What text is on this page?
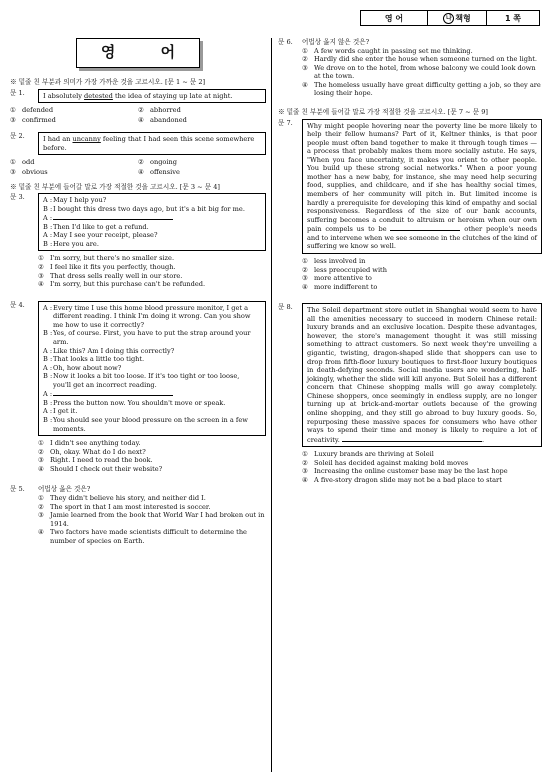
영 어	나 책형	1 쪽
영 어
※ 밑줄 친 부분과 의미가 가장 가까운 것을 고르시오. [문 1 ~ 문 2]
문 1.	I absolutely detested the idea of staying up late at night.
① defended	② abhorred
③ confirmed	④ abandoned
문 2.	I had an uncanny feeling that I had seen this scene somewhere before.
① odd	② ongoing
③ obvious	④ offensive
※ 밑줄 친 부분에 들어갈 말로 가장 적절한 것을 고르시오. [문 3 ~ 문 4]
문 3.	A :May I help you?
B :I bought this dress two days ago, but it's a bit big for me.
A :
B :Then I'd like to get a refund.
A :May I see your receipt, please?
B :Here you are.
① I'm sorry, but there's no smaller size.
② I feel like it fits you perfectly, though.
③ That dress sells really well in our store.
④ I'm sorry, but this purchase can't be refunded.
문 4.	A :Every time I use this home blood pressure monitor, I get a different reading. I think I'm doing it wrong. Can you show me how to use it correctly?
B :Yes, of course. First, you have to put the strap around your arm.
A :Like this? Am I doing this correctly?
B :That looks a little too tight.
A :Oh, how about now?
B :Now it looks a bit too loose. If it's too tight or too loose, you'll get an incorrect reading.
A :
B :Press the button now. You shouldn't move or speak.
A :I get it.
B :You should see your blood pressure on the screen in a few moments.
① I didn't see anything today.
② Oh, okay. What do I do next?
③ Right. I need to read the book.
④ Should I check out their website?
문 5.	어법상 옳은 것은?
① They didn't believe his story, and neither did I.
② The sport in that I am most interested is soccer.
③ Jamie learned from the book that World War I had broken out in 1914.
④ Two factors have made scientists difficult to determine the number of species on Earth.
문 6.	어법상 옳지 않은 것은?
① A few words caught in passing set me thinking.
② Hardly did she enter the house when someone turned on the light.
③ We drove on to the hotel, from whose balcony we could look down at the town.
④ The homeless usually have great difficulty getting a job, so they are losing their hope.
※ 밑줄 친 부분에 들어갈 말로 가장 적절한 것을 고르시오. [문 7 ~ 문 9]
문 7.	Why might people hovering near the poverty line be more likely to help their fellow humans? Part of it, Keltner thinks, is that poor people must often band together to make it through tough times — a process that probably makes them more socially astute. He says, "When you face uncertainty, it makes you orient to other people. You build up these strong social networks." When a poor young mother has a new baby, for instance, she may need help securing food, supplies, and childcare, and if she has healthy social times, members of her community will pitch in. But limited income is hardly a prerequisite for developing this kind of empathy and social responsiveness. Regardless of the size of our bank accounts, suffering becomes a conduit to altruism or heroism when our own pain compels us to be	other people's needs and to intervene when we see someone in the clutches of the kind of suffering we know so well.
① less involved in
② less preoccupied with
③ more attentive to
④ more indifferent to
문 8.	The Soleil department store outlet in Shanghai would seem to have all the amenities necessary to succeed in modern Chinese retail: luxury brands and an exclusive location. Despite these advantages, however, the store's management thought it was still missing something to attract customers. So next week they're unveiling a gigantic, twisting, dragon-shaped slide that shoppers can use to drop from fifth-floor luxury boutiques to first-floor luxury boutiques in death-defying seconds. Social media users are wondering, half-jokingly, whether the slide will kill anyone. But Soleil has a different concern that Chinese shopping malls will go away completely. Chinese shoppers, once seemingly in endless supply, are no longer turning up at brick-and-mortar outlets because of the growing online shopping, and they still go abroad to buy luxury goods. So, repurposing these massive spaces for consumers who have other ways to spend their time and money is likely to require a lot of creativity.	.
① Luxury brands are thriving at Soleil
② Soleil has decided against making bold moves
③ Increasing the online customer base may be the last hope
④ A five-story dragon slide may not be a bad place to start
